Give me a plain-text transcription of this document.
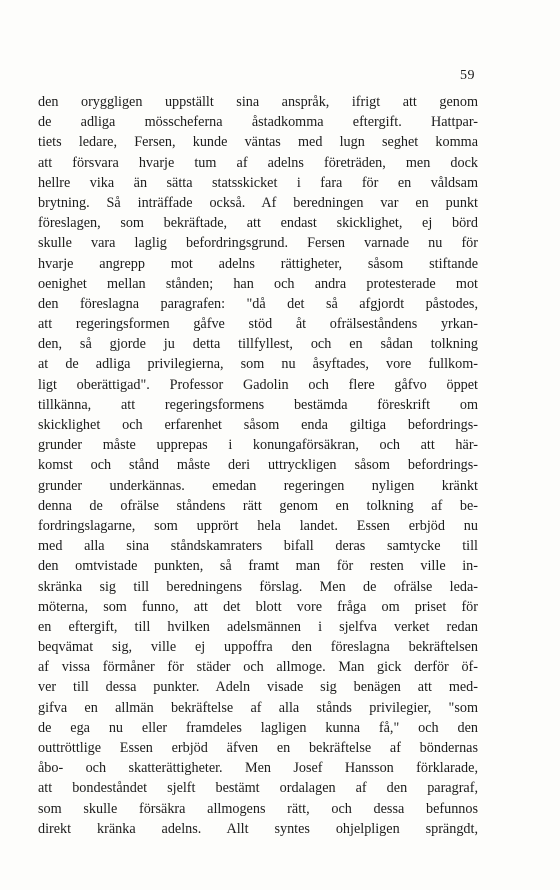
59
den oryggligen uppställt sina anspråk, ifrigt att genom
de adliga mösscheferna åstadkomma eftergift. Hattpar-
tiets ledare, Fersen, kunde väntas med lugn seghet komma
att försvara hvarje tum af adelns företräden, men dock
hellre vika än sätta statsskicket i fara för en våldsam
brytning. Så inträffade också. Af beredningen var en punkt
föreslagen, som bekräftade, att endast skicklighet, ej börd
skulle vara laglig befordringsgrund. Fersen varnade nu för
hvarje angrepp mot adelns rättigheter, såsom stiftande
oenighet mellan stånden; han och andra protesterade mot
den föreslagna paragrafen: "då det så afgjordt påstodes,
att regeringsformen gåfve stöd åt ofrälseståndens yrkan-
den, så gjorde ju detta tillfyllest, och en sådan tolkning
at de adliga privilegierna, som nu åsyftades, vore fullkom-
ligt oberättigad". Professor Gadolin och flere gåfvo öppet
tillkänna, att regeringsformens bestämda föreskrift om
skicklighet och erfarenhet såsom enda giltiga befordrings-
grunder måste upprepas i konungaförsäkran, och att här-
komst och stånd måste deri uttryckligen såsom befordrings-
grunder underkännas. emedan regeringen nyligen kränkt
denna de ofrälse ståndens rätt genom en tolkning af be-
fordringslagarne, som upprört hela landet. Essen erbjöd nu
med alla sina ståndskamraters bifall deras samtycke till
den omtvistade punkten, så framt man för resten ville in-
skränka sig till beredningens förslag. Men de ofrälse leda-
möterna, som funno, att det blott vore fråga om priset för
en eftergift, till hvilken adelsmännen i sjelfva verket redan
beqvämat sig, ville ej uppoffra den föreslagna bekräftelsen
af vissa förmåner för städer och allmoge. Man gick derför öf-
ver till dessa punkter. Adeln visade sig benägen att med-
gifva en allmän bekräftelse af alla stånds privilegier, "som
de ega nu eller framdeles lagligen kunna få," och den
outtröttlige Essen erbjöd äfven en bekräftelse af böndernas
åbo- och skatterättigheter. Men Josef Hansson förklarade,
att bondeståndet sjelft bestämt ordalagen af den paragraf,
som skulle försäkra allmogens rätt, och dessa befunnos
direkt kränka adelns. Allt syntes ohjelpligen sprängdt,
